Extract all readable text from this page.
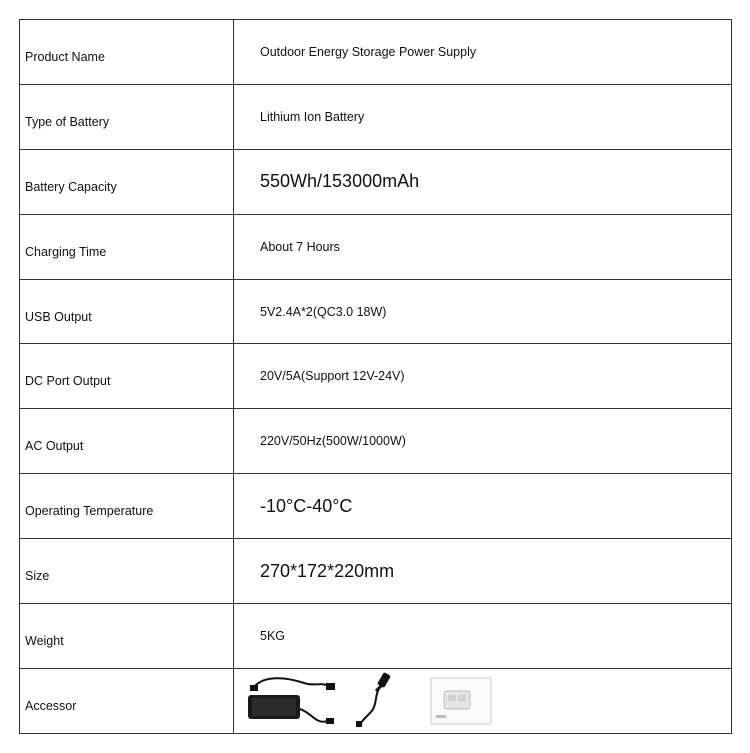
Product Name	Outdoor Energy Storage Power Supply
Type of Battery	Lithium Ion Battery
Battery Capacity	550Wh/153000mAh
Charging Time	About 7 Hours
USB Output	5V2.4A*2(QC3.0 18W)
DC Port Output	20V/5A(Support 12V-24V)
AC Output	220V/50Hz(500W/1000W)
Operating Temperature	-10°C-40°C
Size	270*172*220mm
Weight	5KG
Accessor	
